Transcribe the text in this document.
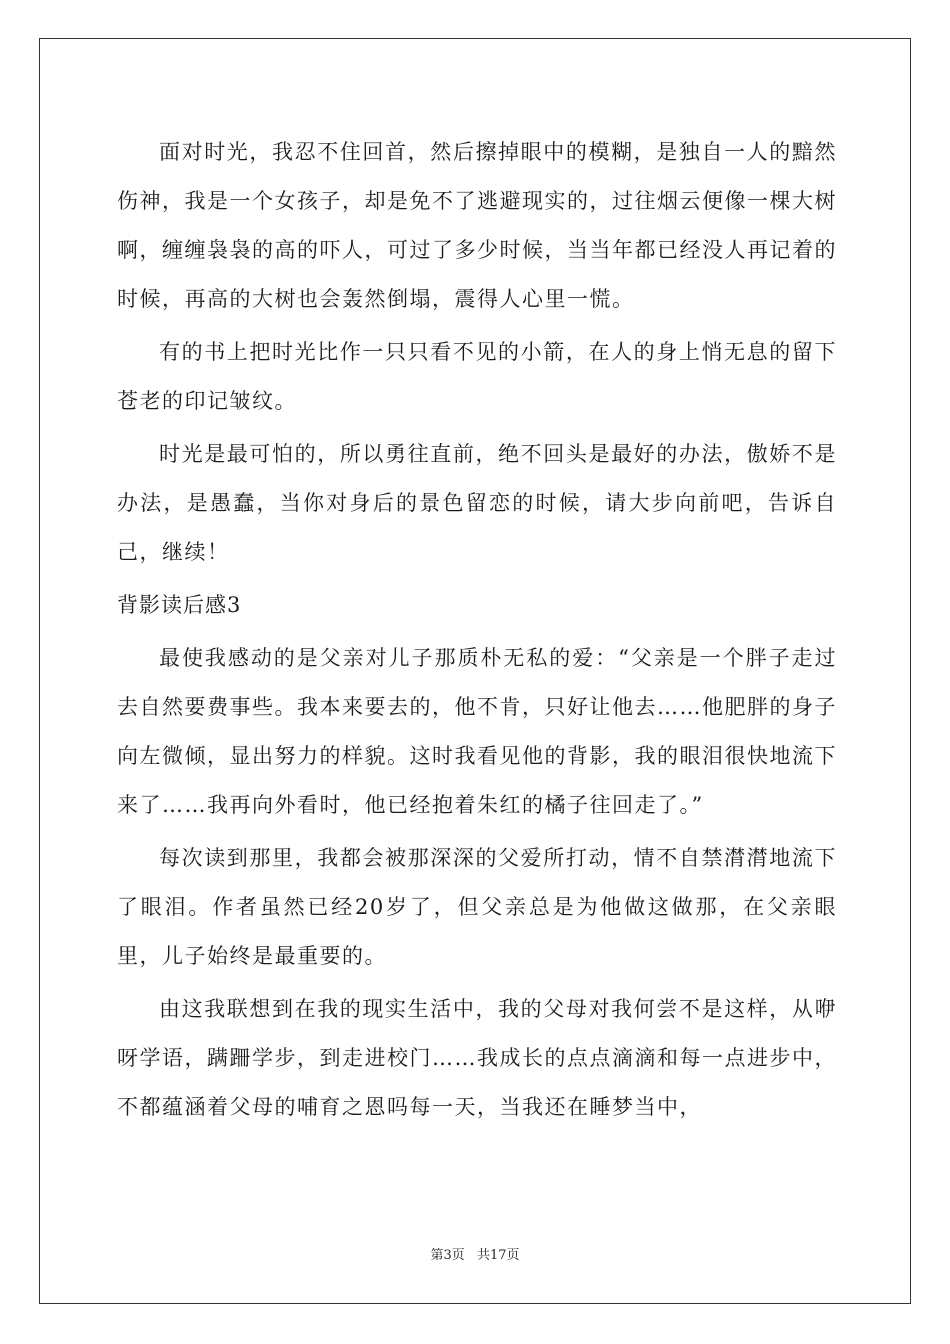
面对时光，我忍不住回首，然后擦掉眼中的模糊，是独自一人的黯然伤神，我是一个女孩子，却是免不了逃避现实的，过往烟云便像一棵大树啊，缠缠袅袅的高的吓人，可过了多少时候，当当年都已经没人再记着的时候，再高的大树也会轰然倒塌，震得人心里一慌。

有的书上把时光比作一只只看不见的小箭，在人的身上悄无息的留下苍老的印记皱纹。

时光是最可怕的，所以勇往直前，绝不回头是最好的办法，傲娇不是办法，是愚蠢，当你对身后的景色留恋的时候，请大步向前吧，告诉自己，继续！

背影读后感3

最使我感动的是父亲对儿子那质朴无私的爱：“父亲是一个胖子走过去自然要费事些。我本来要去的，他不肯，只好让他去……他肥胖的身子向左微倾，显出努力的样貌。这时我看见他的背影，我的眼泪很快地流下来了……我再向外看时，他已经抱着朱红的橘子往回走了。”

每次读到那里，我都会被那深深的父爱所打动，情不自禁潸潸地流下了眼泪。作者虽然已经20岁了，但父亲总是为他做这做那，在父亲眼里，儿子始终是最重要的。

由这我联想到在我的现实生活中，我的父母对我何尝不是这样，从咿呀学语，蹒跚学步，到走进校门……我成长的点点滴滴和每一点进步中，不都蕴涵着父母的哺育之恩吗每一天，当我还在睡梦当中，

第3页 共17页
